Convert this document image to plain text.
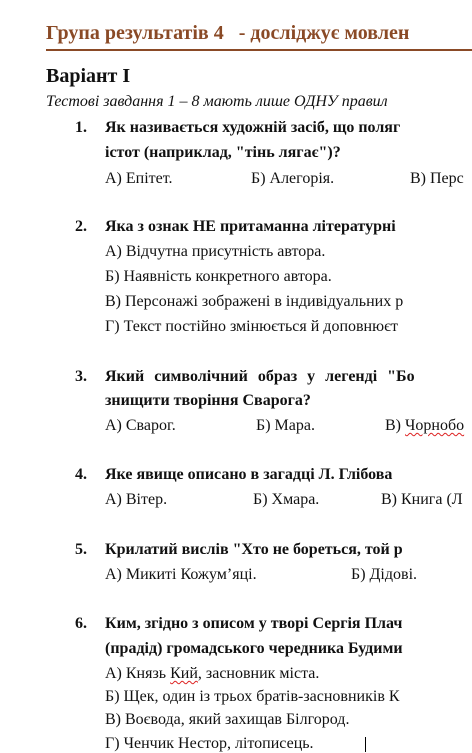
Група результатів 4 - досліджує мовлен
Варіант І
Тестові завдання 1 – 8 мають лише ОДНУ правил
1. Як називається художній засіб, що поляг
істот (наприклад, "тінь лягає")?
А) Епітет.	Б) Алегорія.	В) Перс
2. Яка з ознак НЕ притаманна літературні
А) Відчутна присутність автора.
Б) Наявність конкретного автора.
В) Персонажі зображені в індивідуальних р
Г) Текст постійно змінюється й доповнюєт
3. Який символічний образ у легенді "Бо
знищити творіння Сварога?
А) Сварог.	Б) Мара.	В) Чорнобо
4. Яке явище описано в загадці Л. Глібова
А) Вітер.	Б) Хмара.	В) Книга (Л
5. Крилатий вислів "Хто не бореться, той р
А) Микиті Кожум’яці.	Б) Дідові.
6. Ким, згідно з описом у творі Сергія Плач
(прадід) громадського чередника Будими
А) Князь Кий, засновник міста.
Б) Щек, один із трьох братів-засновників К
В) Воєвода, який захищав Білгород.
Г) Ченчик Нестор, літописець.
